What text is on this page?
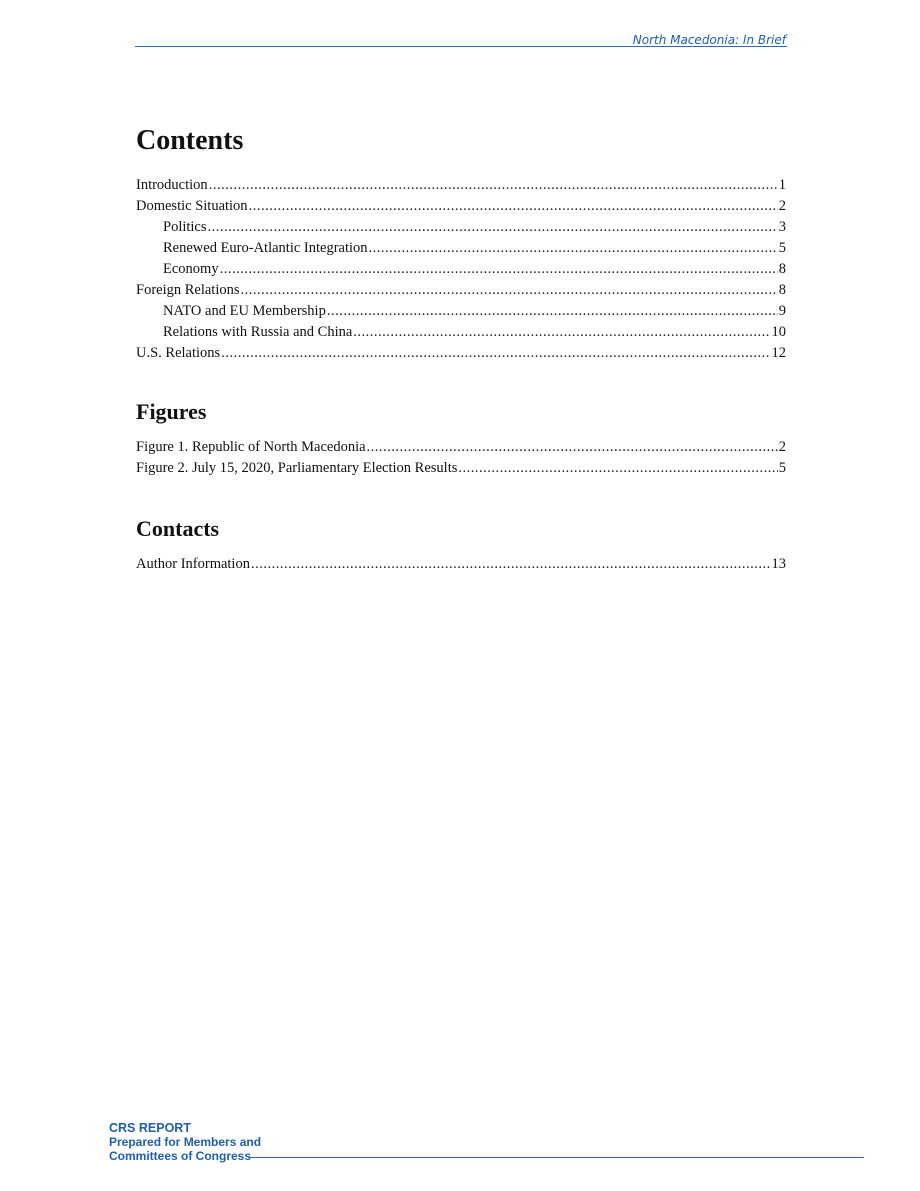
North Macedonia: In Brief
Contents
Introduction .....	1
Domestic Situation .....	2
Politics .....	3
Renewed Euro-Atlantic Integration .....	5
Economy .....	8
Foreign Relations .....	8
NATO and EU Membership .....	9
Relations with Russia and China .....	10
U.S. Relations .....	12
Figures
Figure 1. Republic of North Macedonia .....	2
Figure 2. July 15, 2020, Parliamentary Election Results .....	5
Contacts
Author Information .....	13
CRS REPORT
Prepared for Members and
Committees of Congress
